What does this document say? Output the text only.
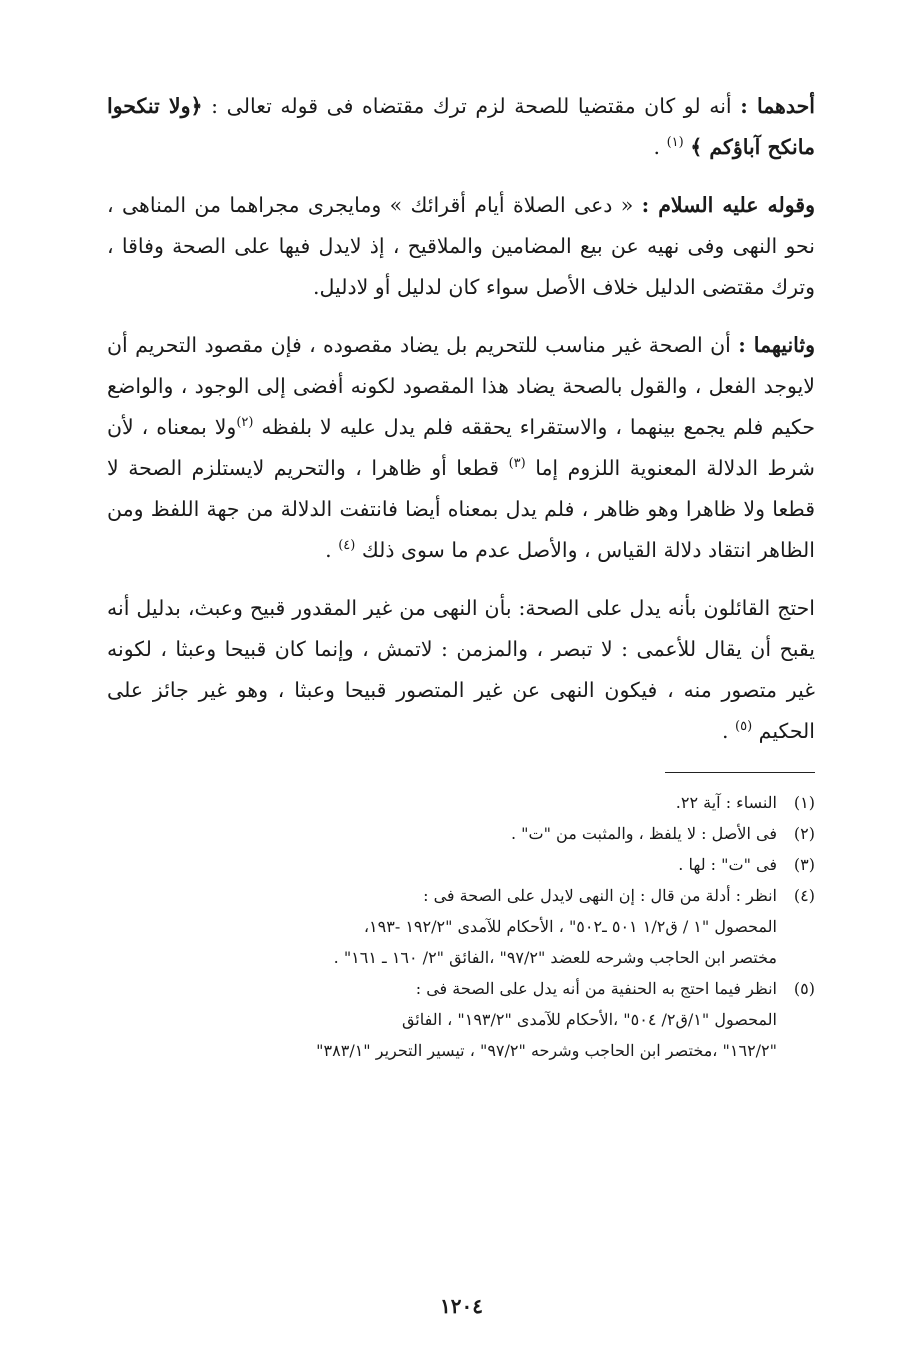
أحدهما : أنه لو كان مقتضيا للصحة لزم ترك مقتضاه فى قوله تعالى : ﴿ولا تنكحوا مانكح آباؤكم ﴾ $^{(١)}$ .

وقوله عليه السلام : « دعى الصلاة أيام أقرائك » ومايجرى مجراهما من المناهى ، نحو النهى وفى نهيه عن بيع المضامين والملاقيح ، إذ لايدل فيها على الصحة وفاقا ، وترك مقتضى الدليل خلاف الأصل سواء كان لدليل أو لادليل.

وثانيهما : أن الصحة غير مناسب للتحريم بل يضاد مقصوده ، فإن مقصود التحريم أن لايوجد الفعل ، والقول بالصحة يضاد هذا المقصود لكونه أفضى إلى الوجود ، والواضع حكيم فلم يجمع بينهما ، والاستقراء يحققه فلم يدل عليه لا بلفظه $^{(٢)}$ولا بمعناه ، لأن شرط الدلالة المعنوية اللزوم إما $^{(٣)}$ قطعا أو ظاهرا ، والتحريم لايستلزم الصحة لا قطعا ولا ظاهرا وهو ظاهر ، فلم يدل بمعناه أيضا فانتفت الدلالة من جهة اللفظ ومن الظاهر انتقاد دلالة القياس ، والأصل عدم ما سوى ذلك $^{(٤)}$ .

احتج القائلون بأنه يدل على الصحة: بأن النهى من غير المقدور قبيح وعبث، بدليل أنه يقبح أن يقال للأعمى : لا تبصر ، والمزمن : لاتمش ، وإنما كان قبيحا وعبثا ، لكونه غير متصور منه ، فيكون النهى عن غير المتصور قبيحا وعبثا ، وهو غير جائز على الحكيم $^{(٥)}$ .

(١)
النساء : آية ٢٢.
(٢)
فى الأصل : لا يلفظ ، والمثبت من "ت" .
(٣)
فى "ت" : لها .
(٤)
انظر : أدلة من قال : إن النهى لايدل على الصحة فى :
المحصول "١ / ق١/٢ ٥٠١ ـ٥٠٢" ، الأحكام للآمدى "١٩٢/٢ -١٩٣،
مختصر ابن الحاجب وشرحه للعضد "٩٧/٢" ،الفائق "٢/ ١٦٠ ـ ١٦١" .
(٥)
انظر فيما احتج به الحنفية من أنه يدل على الصحة فى :
المحصول "١/ق٢/ ٥٠٤" ،الأحكام للآمدى "١٩٣/٢" ، الفائق
"١٦٢/٢" ،مختصر ابن الحاجب وشرحه "٩٧/٢" ، تيسير التحرير "٣٨٣/١"
١٢٠٤
